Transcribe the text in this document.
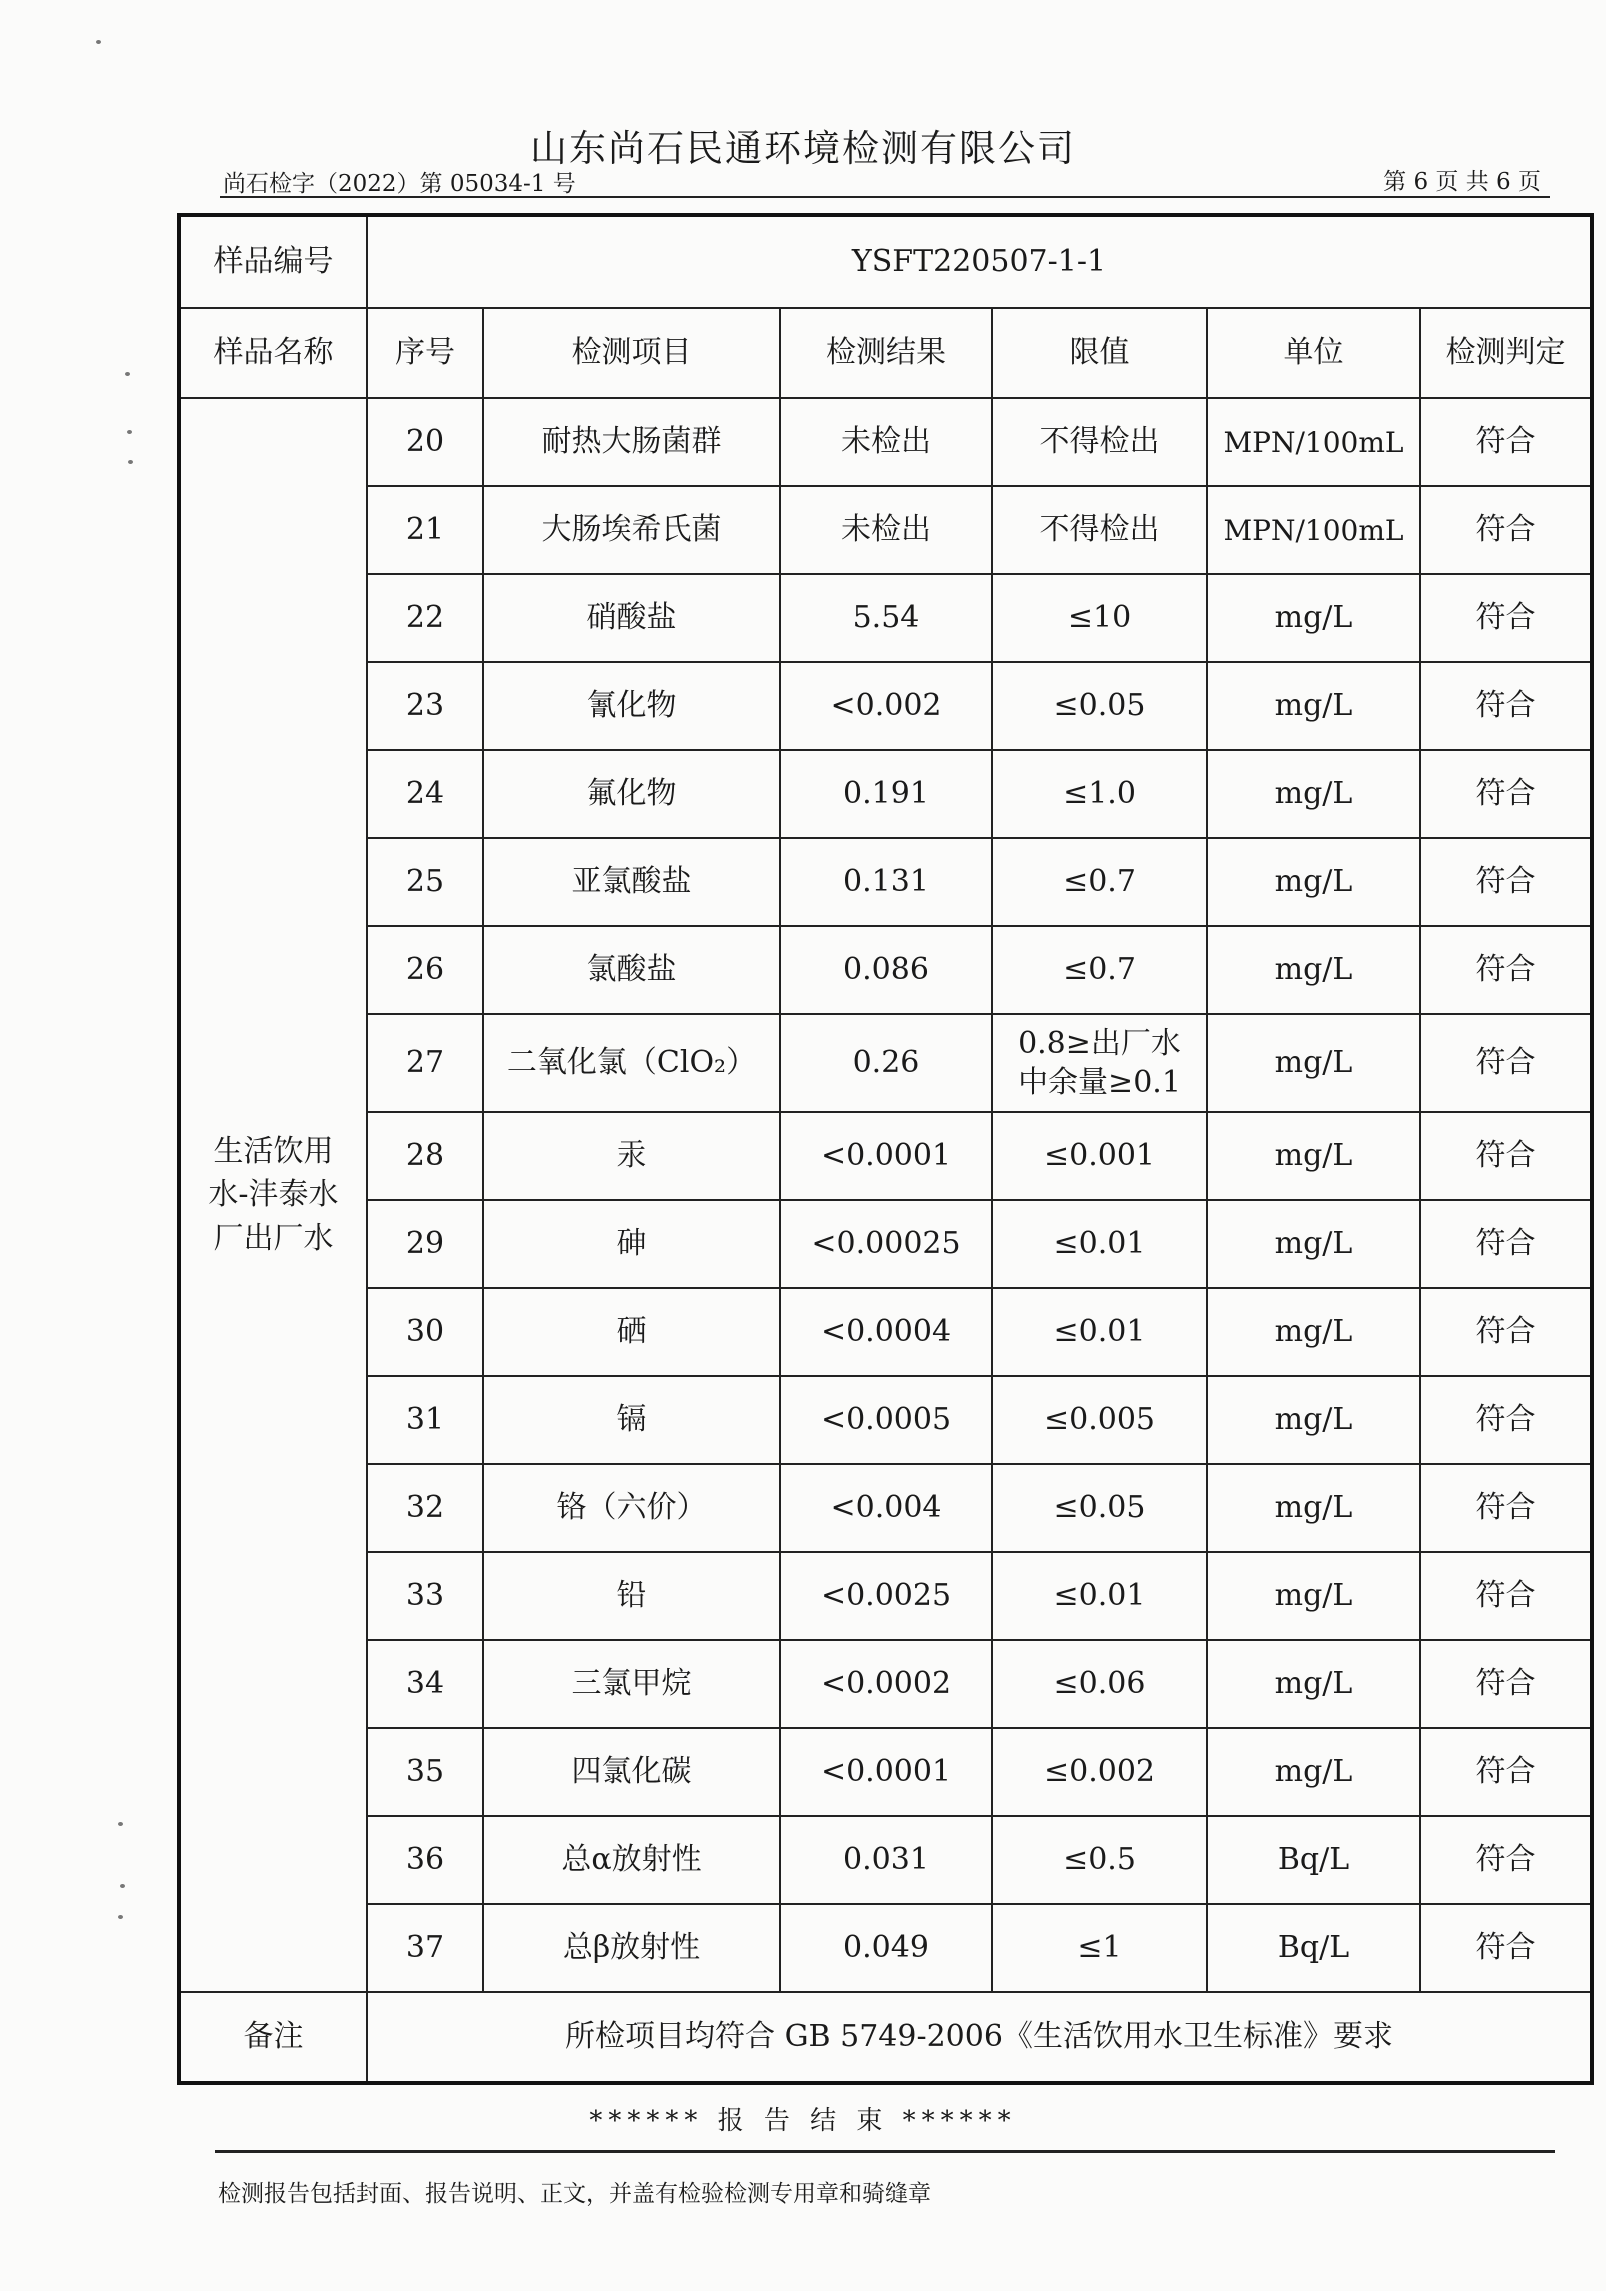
山东尚石民通环境检测有限公司
尚石检字（2022）第 05034-1 号	第 6 页 共 6 页
样品编号	YSFT220507-1-1					
样品名称	序号	检测项目	检测结果	限值	单位	检测判定

生活饮用水-沣泰水厂出厂水	20	耐热大肠菌群	未检出	不得检出	MPN/100mL	符合
	21	大肠埃希氏菌	未检出	不得检出	MPN/100mL	符合
	22	硝酸盐	5.54	≤10	mg/L	符合
	23	氰化物	<0.002	≤0.05	mg/L	符合
	24	氟化物	0.191	≤1.0	mg/L	符合
	25	亚氯酸盐	0.131	≤0.7	mg/L	符合
	26	氯酸盐	0.086	≤0.7	mg/L	符合
	27	二氧化氯（ClO₂）	0.26	0.8≥出厂水中余量≥0.1	mg/L	符合
	28	汞	<0.0001	≤0.001	mg/L	符合
	29	砷	<0.00025	≤0.01	mg/L	符合
	30	硒	<0.0004	≤0.01	mg/L	符合
	31	镉	<0.0005	≤0.005	mg/L	符合
	32	铬（六价）	<0.004	≤0.05	mg/L	符合
	33	铅	<0.0025	≤0.01	mg/L	符合
	34	三氯甲烷	<0.0002	≤0.06	mg/L	符合
	35	四氯化碳	<0.0001	≤0.002	mg/L	符合
	36	总α放射性	0.031	≤0.5	Bq/L	符合
	37	总β放射性	0.049	≤1	Bq/L	符合
备注	所检项目均符合 GB 5749-2006《生活饮用水卫生标准》要求					
****** 报 告 结 束 ******
检测报告包括封面、报告说明、正文，并盖有检验检测专用章和骑缝章
